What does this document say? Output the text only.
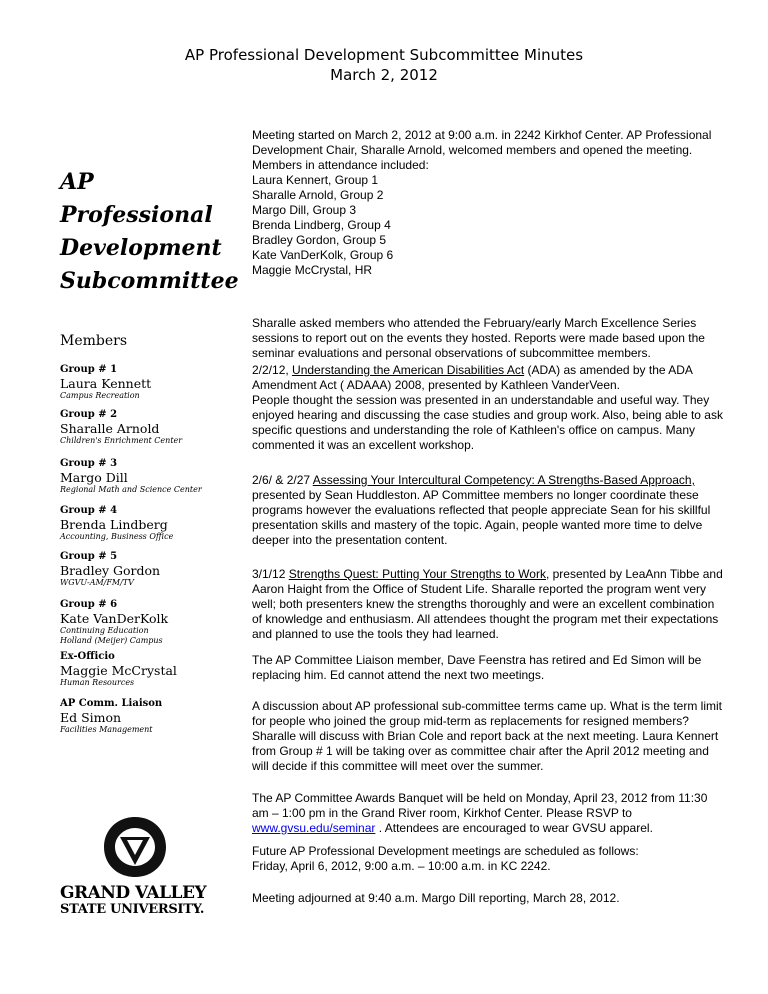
AP Professional Development Subcommittee Minutes
March 2, 2012
AP
Professional
Development
Subcommittee
Members
Group # 1
Laura Kennett
Campus Recreation
Group # 2
Sharalle Arnold
Children's Enrichment Center
Group # 3
Margo Dill
Regional Math and Science Center
Group # 4
Brenda Lindberg
Accounting, Business Office
Group # 5
Bradley Gordon
WGVU-AM/FM/TV
Group # 6
Kate VanDerKolk
Continuing Education
Holland (Meijer) Campus
Ex-Officio
Maggie McCrystal
Human Resources
AP Comm. Liaison
Ed Simon
Facilities Management
GRAND VALLEY
STATE UNIVERSITY.

Meeting started on March 2, 2012 at 9:00 a.m. in 2242 Kirkhof Center. AP Professional Development Chair, Sharalle Arnold, welcomed members and opened the meeting. Members in attendance included:

Laura Kennert, Group 1
Sharalle Arnold, Group 2
Margo Dill, Group 3
Brenda Lindberg, Group 4
Bradley Gordon, Group 5
Kate VanDerKolk, Group 6
Maggie McCrystal, HR

Sharalle asked members who attended the February/early March Excellence Series sessions to report out on the events they hosted. Reports were made based upon the seminar evaluations and personal observations of subcommittee members.

2/2/12, Understanding the American Disabilities Act (ADA) as amended by the ADA Amendment Act ( ADAAA) 2008, presented by Kathleen VanderVeen.
People thought the session was presented in an understandable and useful way. They enjoyed hearing and discussing the case studies and group work. Also, being able to ask specific questions and understanding the role of Kathleen's office on campus. Many commented it was an excellent workshop.

2/6/ & 2/27 Assessing Your Intercultural Competency: A Strengths-Based Approach, presented by Sean Huddleston. AP Committee members no longer coordinate these programs however the evaluations reflected that people appreciate Sean for his skillful presentation skills and mastery of the topic. Again, people wanted more time to delve deeper into the presentation content.

3/1/12 Strengths Quest: Putting Your Strengths to Work, presented by LeaAnn Tibbe and Aaron Haight from the Office of Student Life. Sharalle reported the program went very well; both presenters knew the strengths thoroughly and were an excellent combination of knowledge and enthusiasm. All attendees thought the program met their expectations and planned to use the tools they had learned.

The AP Committee Liaison member, Dave Feenstra has retired and Ed Simon will be replacing him. Ed cannot attend the next two meetings.

A discussion about AP professional sub-committee terms came up. What is the term limit for people who joined the group mid-term as replacements for resigned members? Sharalle will discuss with Brian Cole and report back at the next meeting. Laura Kennert from Group # 1 will be taking over as committee chair after the April 2012 meeting and will decide if this committee will meet over the summer.

The AP Committee Awards Banquet will be held on Monday, April 23, 2012 from 11:30 am – 1:00 pm in the Grand River room, Kirkhof Center. Please RSVP to www.gvsu.edu/seminar . Attendees are encouraged to wear GVSU apparel.

Future AP Professional Development meetings are scheduled as follows:
Friday, April 6, 2012, 9:00 a.m. – 10:00 a.m. in KC 2242.

Meeting adjourned at 9:40 a.m. Margo Dill reporting, March 28, 2012.
